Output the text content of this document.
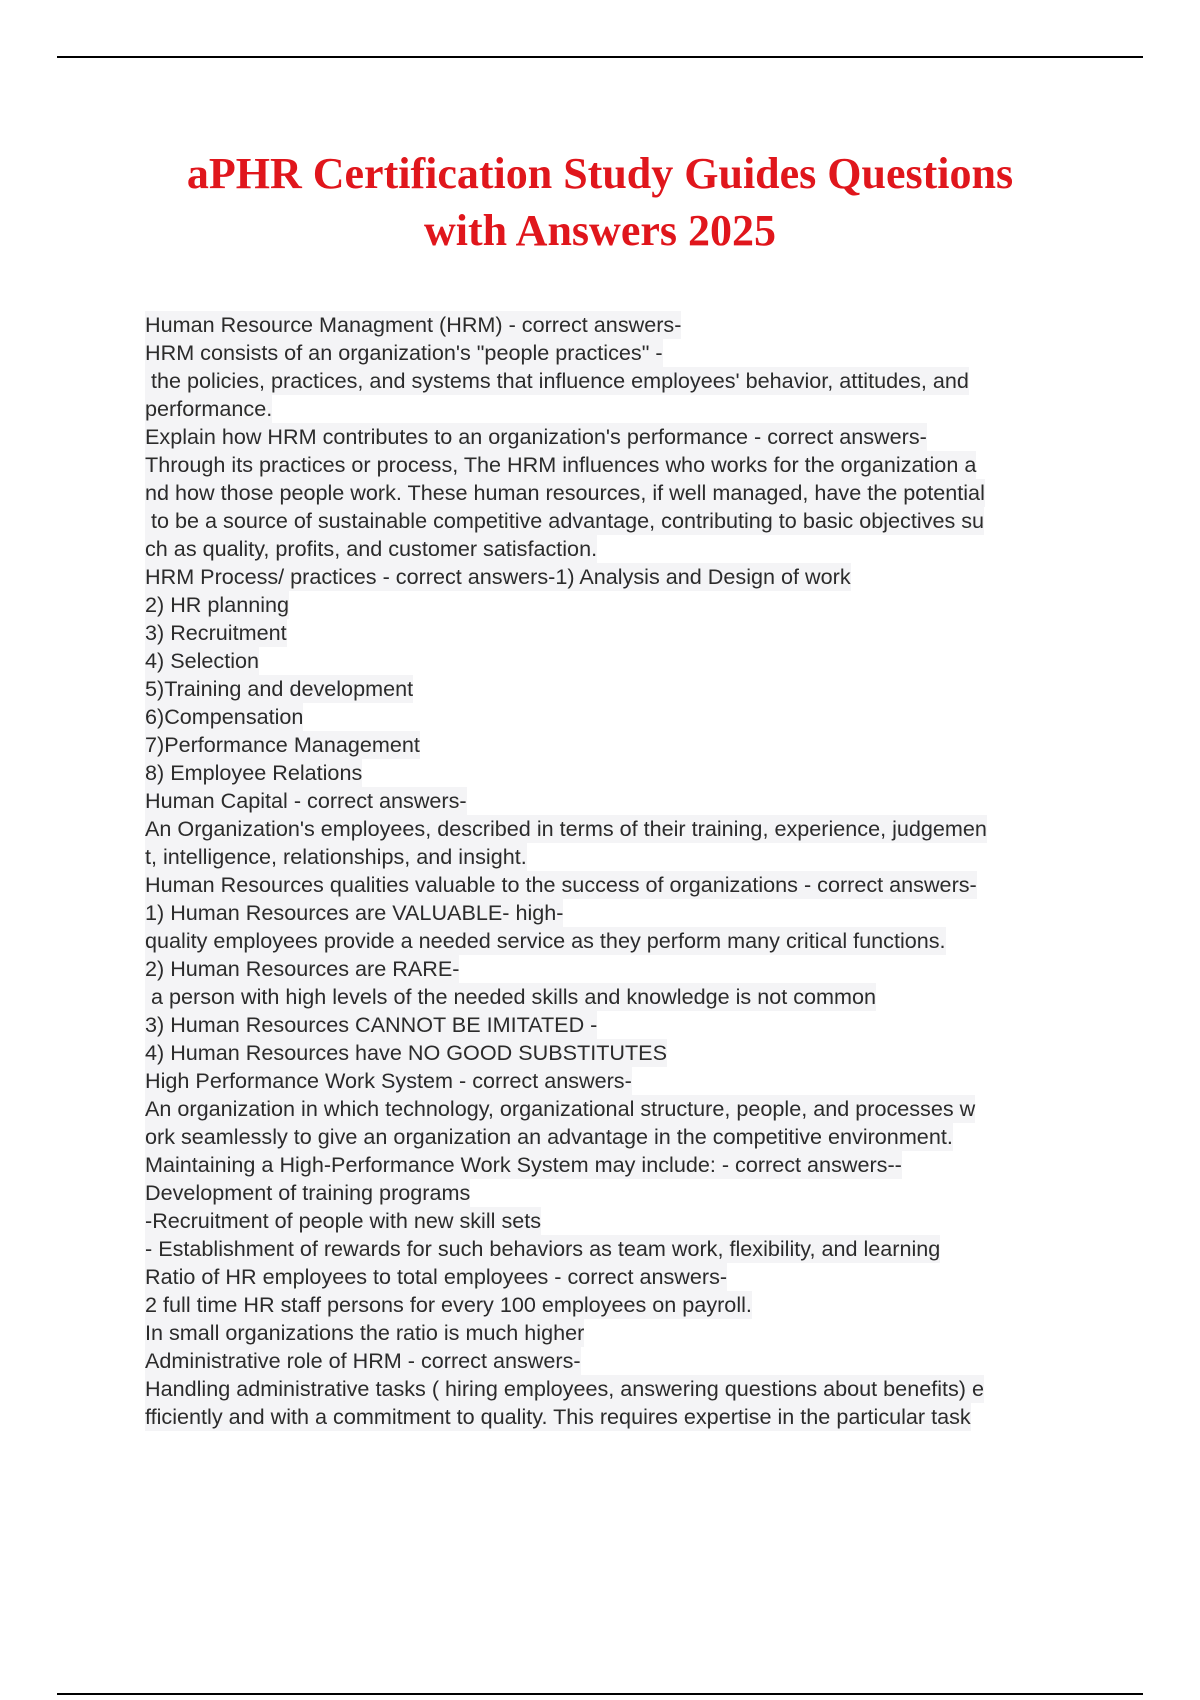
aPHR Certification Study Guides Questions
with Answers 2025

Human Resource Managment (HRM) - correct answers-

HRM consists of an organization's "people practices" -

the policies, practices, and systems that influence employees' behavior, attitudes, and

performance.

Explain how HRM contributes to an organization's performance - correct answers-

Through its practices or process, The HRM influences who works for the organization a

nd how those people work. These human resources, if well managed, have the potential

to be a source of sustainable competitive advantage, contributing to basic objectives su

ch as quality, profits, and customer satisfaction.

HRM Process/ practices - correct answers-1) Analysis and Design of work

2) HR planning

3) Recruitment

4) Selection

5)Training and development

6)Compensation

7)Performance Management

8) Employee Relations

Human Capital - correct answers-

An Organization's employees, described in terms of their training, experience, judgemen

t, intelligence, relationships, and insight.

Human Resources qualities valuable to the success of organizations - correct answers-

1) Human Resources are VALUABLE- high-

quality employees provide a needed service as they perform many critical functions.

2) Human Resources are RARE-

a person with high levels of the needed skills and knowledge is not common

3) Human Resources CANNOT BE IMITATED -

4) Human Resources have NO GOOD SUBSTITUTES

High Performance Work System - correct answers-

An organization in which technology, organizational structure, people, and processes w

ork seamlessly to give an organization an advantage in the competitive environment.

Maintaining a High-Performance Work System may include: - correct answers--

Development of training programs

-Recruitment of people with new skill sets

- Establishment of rewards for such behaviors as team work, flexibility, and learning

Ratio of HR employees to total employees - correct answers-

2 full time HR staff persons for every 100 employees on payroll.

In small organizations the ratio is much higher

Administrative role of HRM - correct answers-

Handling administrative tasks ( hiring employees, answering questions about benefits) e

fficiently and with a commitment to quality. This requires expertise in the particular task
